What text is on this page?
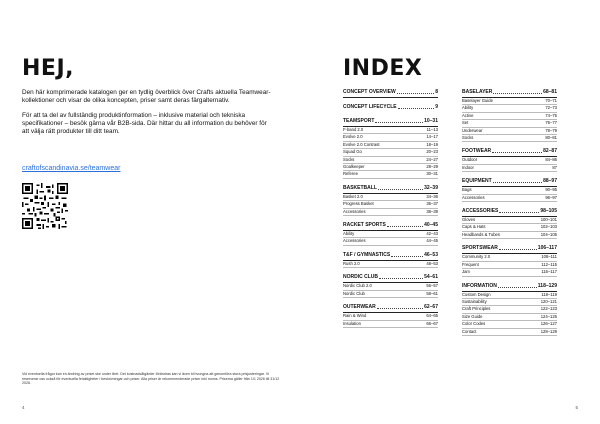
HEJ,

Den här komprimerade katalogen ger en tydlig överblick över Crafts aktuella Teamwear-kollektioner och visar de olika koncepten, priser samt deras färgalternativ.

För att ta del av fullständig produktinformation – inklusive material och tekniska specifikationer – besök gärna vår B2B-sida. Där hittar du all information du behöver för att välja rätt produkter till ditt team.

craftofscandinavia.se/teamwear
Vid eventuella frågor kan en ändring av priset ske under året. Det kostnadsåtgärder förändras kan vi även bli tvungna att genomföra stora prisjusteringar. Vi reserverar oss också för eventuella felaktigheter i beskrivningar och priser. Alla priser är rekommenderade priser inkl moms. Priserna gäller från 1/1 2026 till 31/12 2026.
4
INDEX
CONCEPT OVERVIEW	8
CONCEPT LIFECYCLE	9
TEAMSPORT	10–31
F-band 2.0	11–13
Evolve 2.0	14–17
Evolve 2.0 Contrast	18–19
Squad Go	20–23
Socks	24–27
Goalkeeper	28–29
Referee	30–31
BASKETBALL	32–39
Basket 2.0	34–36
Progress Basket	36–37
Accessories	38–39
RACKET SPORTS	40–45
Ability	42–43
Accessories	44–45
T&F / GYMNASTICS	46–53
Rush 2.0	48–53
NORDIC CLUB	54–61
Nordic Club 2.0	56–57
Nordic Club	58–61
OUTERWEAR	62–67
Rain & Wind	64–65
Insulation	66–67
BASELAYER	68–81
Baselayer Guide	70–71
Ability	72–73
Active	74–75
Set	76–77
Underwear	78–79
Socks	80–81
FOOTWEAR	82–87
Outdoor	84–86
Indoor	87
EQUIPMENT	88–97
Bags	90–95
Accessories	96–97
ACCESSORIES	98–105
Gloves	100–101
Caps & Hats	102–103
Headbands & Tubes	104–105
SPORTSWEAR	106–117
Community 2.0	108–111
Frequent	112–115
Jam	116–117
INFORMATION	118–129
Custom Design	118–119
Sustainability	120–121
Craft Principles	122–123
Size Guide	124–125
Color Codes	126–127
Contact	128–129
5
